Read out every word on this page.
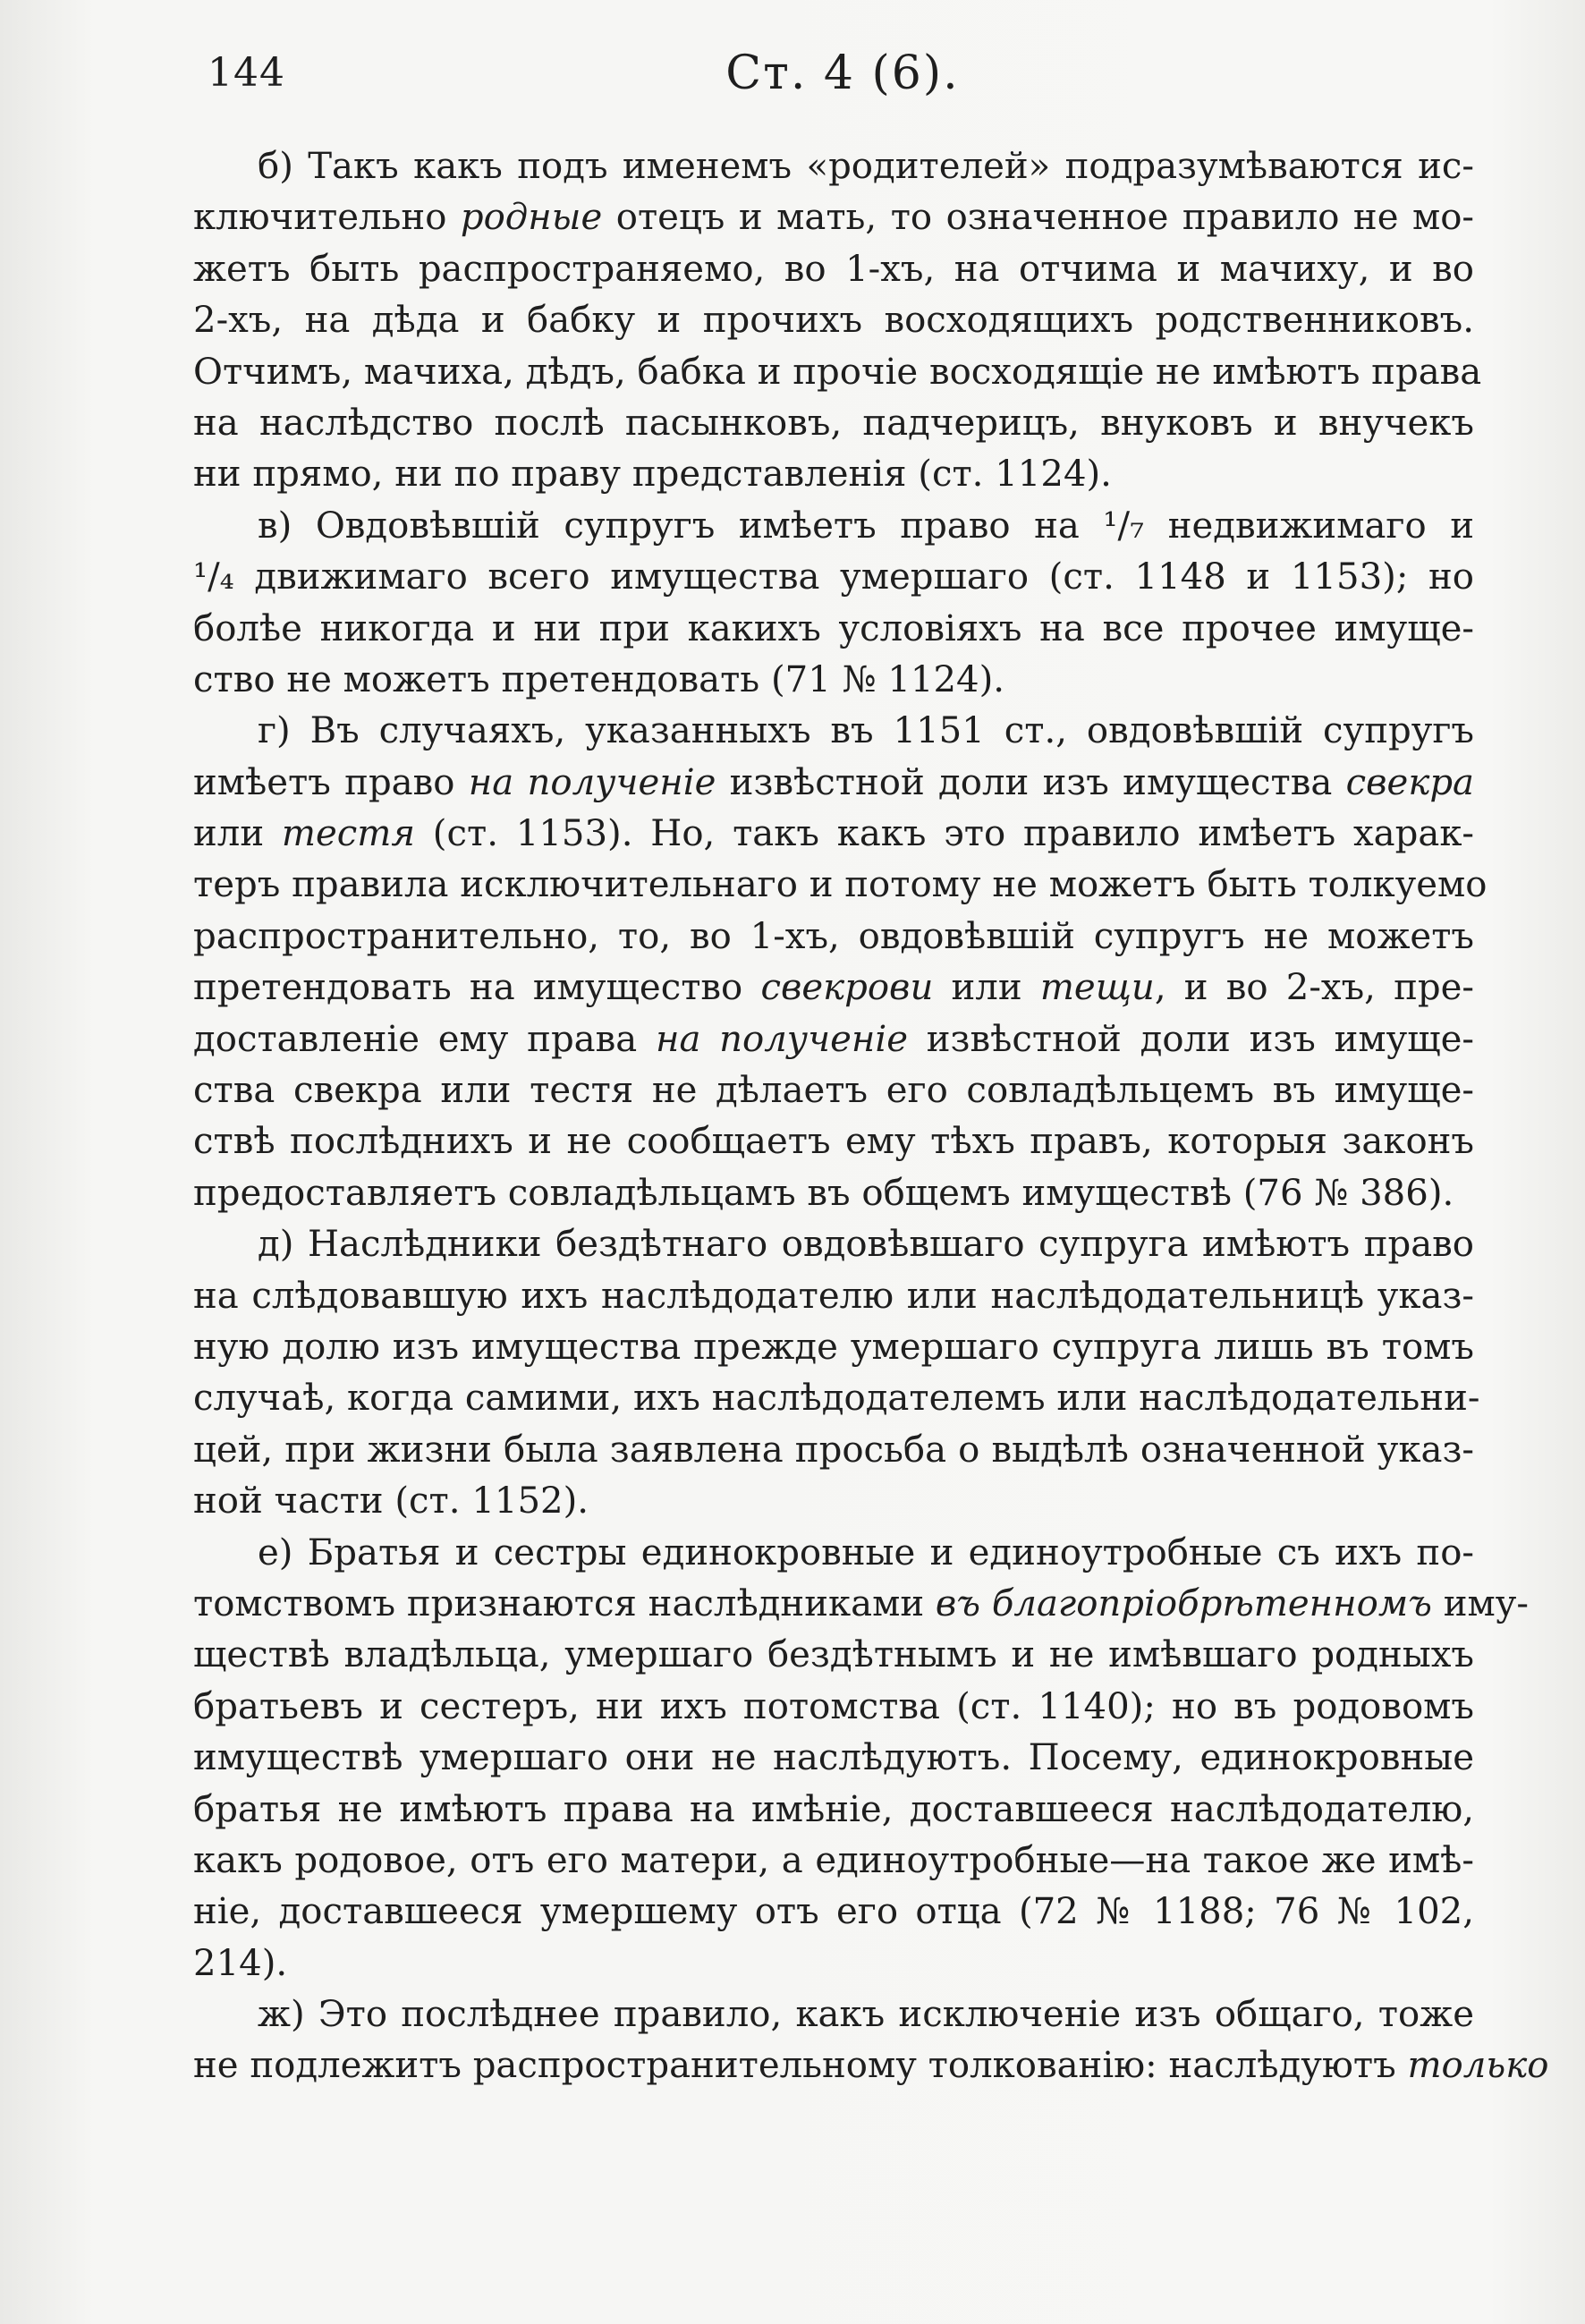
144	Ст. 4 (6).
б) Такъ какъ подъ именемъ «родителей» подразумѣваются ис-
ключительно родные отецъ и мать, то означенное правило не мо-
жетъ быть распространяемо, во 1-хъ, на отчима и мачиху, и во
2-хъ, на дѣда и бабку и прочихъ восходящихъ родственниковъ.
Отчимъ, мачиха, дѣдъ, бабка и прочіе восходящіе не имѣютъ права
на наслѣдство послѣ пасынковъ, падчерицъ, внуковъ и внучекъ
ни прямо, ни по праву представленія (ст. 1124).
в) Овдовѣвшій супругъ имѣетъ право на ¹/₇ недвижимаго и
¹/₄ движимаго всего имущества умершаго (ст. 1148 и 1153); но
болѣе никогда и ни при какихъ условіяхъ на все прочее имуще-
ство не можетъ претендовать (71 № 1124).
г) Въ случаяхъ, указанныхъ въ 1151 ст., овдовѣвшій супругъ
имѣетъ право на полученіе извѣстной доли изъ имущества свекра
или тестя (ст. 1153). Но, такъ какъ это правило имѣетъ харак-
теръ правила исключительнаго и потому не можетъ быть толкуемо
распространительно, то, во 1-хъ, овдовѣвшій супругъ не можетъ
претендовать на имущество свекрови или тещи, и во 2-хъ, пре-
доставленіе ему права на полученіе извѣстной доли изъ имуще-
ства свекра или тестя не дѣлаетъ его совладѣльцемъ въ имуще-
ствѣ послѣднихъ и не сообщаетъ ему тѣхъ правъ, которыя законъ
предоставляетъ совладѣльцамъ въ общемъ имуществѣ (76 № 386).
д) Наслѣдники бездѣтнаго овдовѣвшаго супруга имѣютъ право
на слѣдовавшую ихъ наслѣдодателю или наслѣдодательницѣ указ-
ную долю изъ имущества прежде умершаго супруга лишь въ томъ
случаѣ, когда самими, ихъ наслѣдодателемъ или наслѣдодательни-
цей, при жизни была заявлена просьба о выдѣлѣ означенной указ-
ной части (ст. 1152).
е) Братья и сестры единокровные и единоутробные съ ихъ по-
томствомъ признаются наслѣдниками въ благопріобрѣтенномъ иму-
ществѣ владѣльца, умершаго бездѣтнымъ и не имѣвшаго родныхъ
братьевъ и сестеръ, ни ихъ потомства (ст. 1140); но въ родовомъ
имуществѣ умершаго они не наслѣдуютъ. Посему, единокровные
братья не имѣютъ права на имѣніе, доставшееся наслѣдодателю,
какъ родовое, отъ его матери, а единоутробные—на такое же имѣ-
ніе, доставшееся умершему отъ его отца (72 № 1188; 76 № 102,
214).
ж) Это послѣднее правило, какъ исключеніе изъ общаго, тоже
не подлежитъ распространительному толкованію: наслѣдуютъ только
